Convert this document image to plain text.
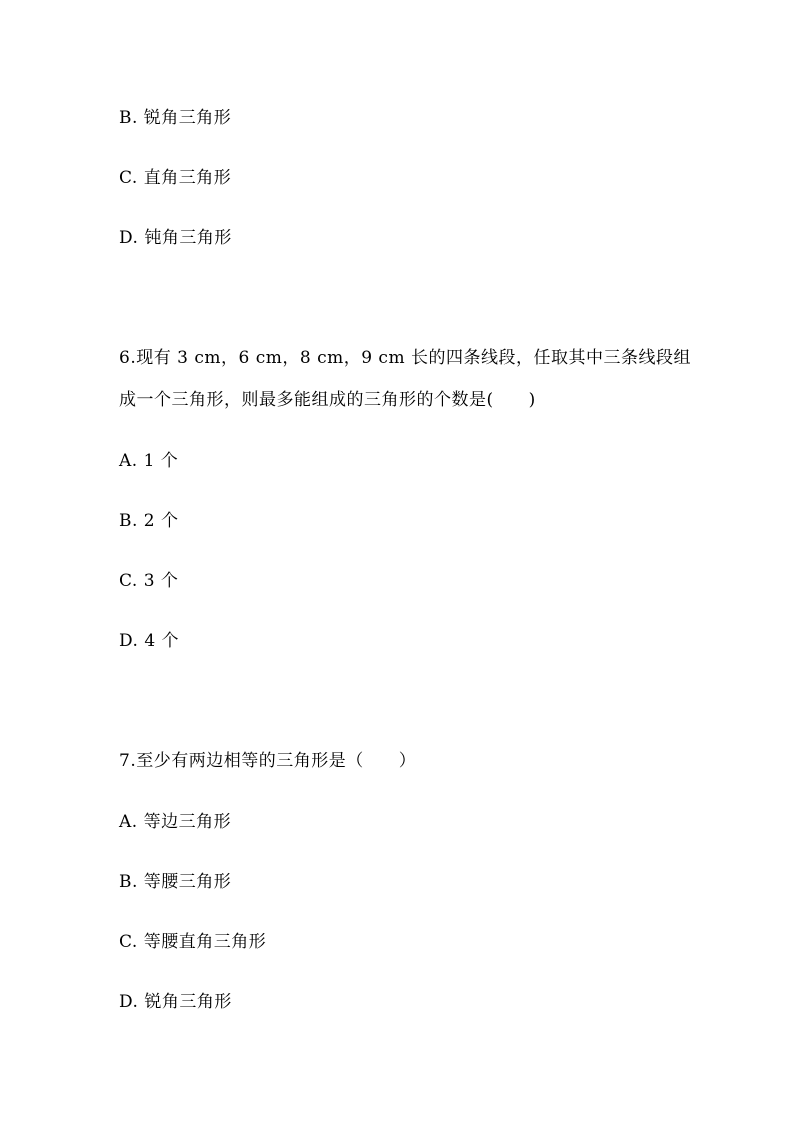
B. 锐角三角形
C. 直角三角形
D. 钝角三角形
6.现有 3 cm，6 cm，8 cm，9 cm 长的四条线段，任取其中三条线段组
成一个三角形，则最多能组成的三角形的个数是(　　)
A. 1 个
B. 2 个
C. 3 个
D. 4 个
7.至少有两边相等的三角形是（　　）
A. 等边三角形
B. 等腰三角形
C. 等腰直角三角形
D. 锐角三角形
